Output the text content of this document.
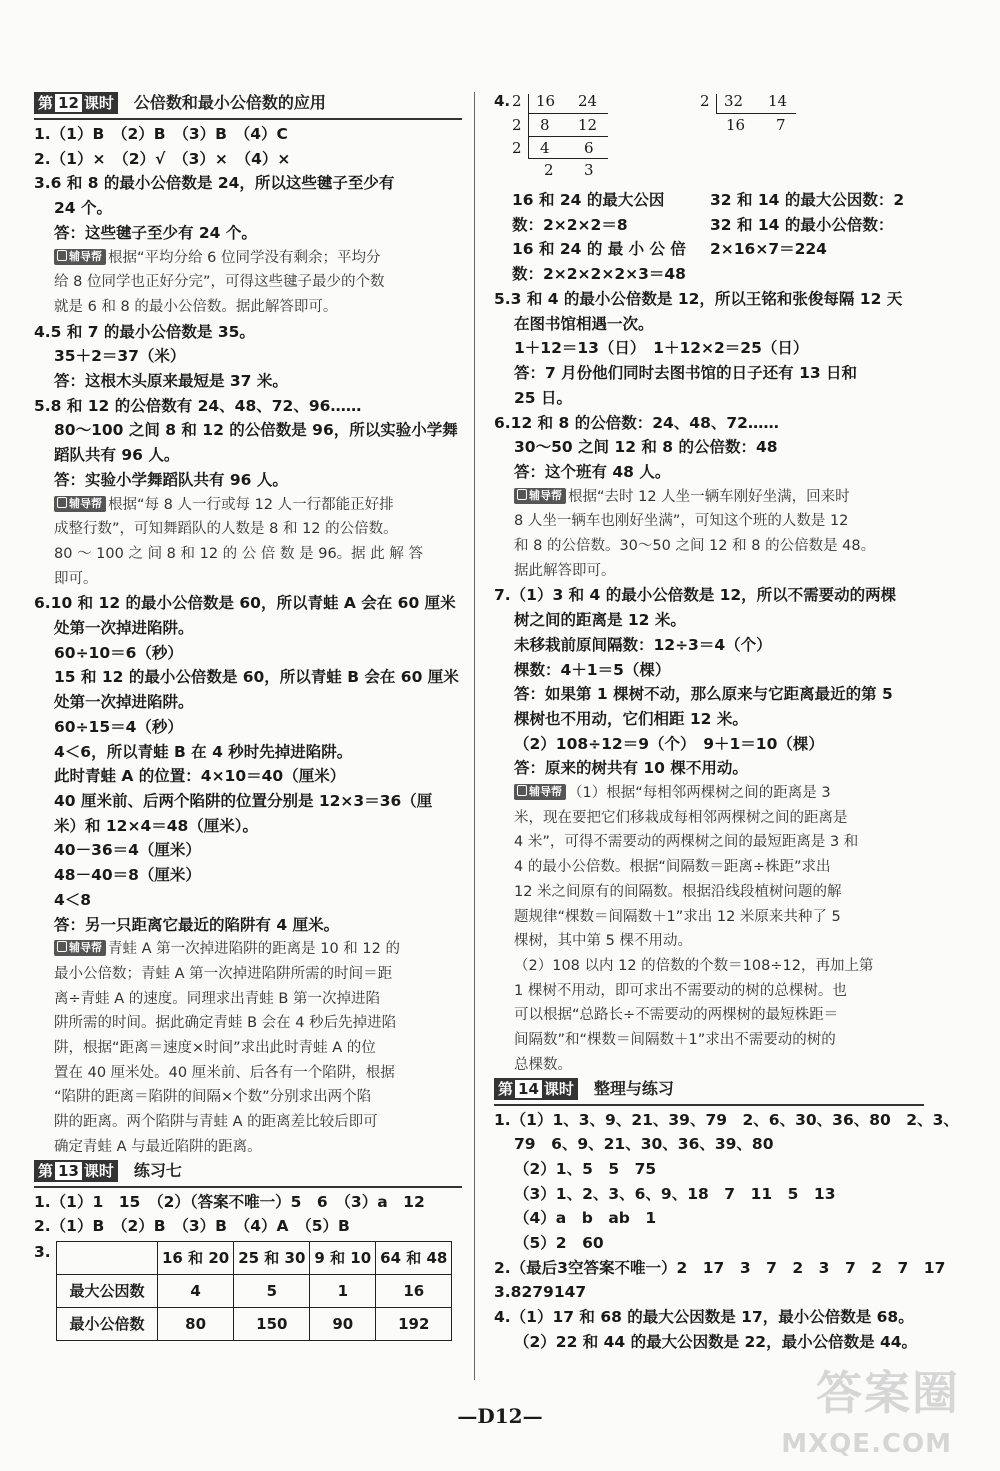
第 12 课时 公倍数和最小公倍数的应用
1.（1）B　（2）B　（3）B　（4）C
2.（1）×　（2）√　（3）×　（4）×
3.6 和 8 的最小公倍数是 24，所以这些毽子至少有
24 个。
答：这些毽子至少有 24 个。
辅导帮 根据“平均分给 6 位同学没有剩余；平均分
给 8 位同学也正好分完”，可得这些毽子最少的个数
就是 6 和 8 的最小公倍数。据此解答即可。
4.5 和 7 的最小公倍数是 35。
35＋2＝37（米）
答：这根木头原来最短是 37 米。
5.8 和 12 的公倍数有 24、48、72、96……
80～100 之间 8 和 12 的公倍数是 96，所以实验小学舞
蹈队共有 96 人。
答：实验小学舞蹈队共有 96 人。
辅导帮 根据“每 8 人一行或每 12 人一行都能正好排
成整行数”，可知舞蹈队的人数是 8 和 12 的公倍数。
80 ～ 100 之 间 8 和 12 的 公 倍 数 是 96。据 此 解 答
即可。
6.10 和 12 的最小公倍数是 60，所以青蛙 A 会在 60 厘米
处第一次掉进陷阱。
60÷10＝6（秒）
15 和 12 的最小公倍数是 60，所以青蛙 B 会在 60 厘米
处第一次掉进陷阱。
60÷15＝4（秒）
4＜6，所以青蛙 B 在 4 秒时先掉进陷阱。
此时青蛙 A 的位置：4×10＝40（厘米）
40 厘米前、后两个陷阱的位置分别是 12×3＝36（厘
米）和 12×4＝48（厘米）。
40－36＝4（厘米）
48－40＝8（厘米）
4＜8
答：另一只距离它最近的陷阱有 4 厘米。
辅导帮 青蛙 A 第一次掉进陷阱的距离是 10 和 12 的
最小公倍数；青蛙 A 第一次掉进陷阱所需的时间＝距
离÷青蛙 A 的速度。同理求出青蛙 B 第一次掉进陷
阱所需的时间。据此确定青蛙 B 会在 4 秒后先掉进陷
阱，根据“距离＝速度×时间”求出此时青蛙 A 的位
置在 40 厘米处。40 厘米前、后各有一个陷阱，根据
“陷阱的距离＝陷阱的间隔×个数”分别求出两个陷
阱的距离。两个陷阱与青蛙 A 的距离差比较后即可
确定青蛙 A 与最近陷阱的距离。
第 13 课时 练习七
1.（1）1　15　（2）（答案不唯一）5　6　（3）a　12
2.（1）B　（2）B　（3）B　（4）A　（5）B
3.
		16 和 20	25 和 30	9 和 10	64 和 48
最大公因数	4	5	1	16
最小公倍数	80	150	90	192
4. 2
2
2
16 24
8 12
4 6
2 3
2 32 14
16 7
16 和 24 的最大公因	32 和 14 的最大公因数：2
数：2×2×2＝8	32 和 14 的最小公倍数：
16 和 24 的 最 小 公 倍 2×16×7＝224
数：2×2×2×2×3＝48
5.3 和 4 的最小公倍数是 12，所以王铭和张俊每隔 12 天
在图书馆相遇一次。
1＋12＝13（日）　1＋12×2＝25（日）
答：7 月份他们同时去图书馆的日子还有 13 日和
25 日。
6.12 和 8 的公倍数：24、48、72……
30～50 之间 12 和 8 的公倍数：48
答：这个班有 48 人。
辅导帮 根据“去时 12 人坐一辆车刚好坐满，回来时
8 人坐一辆车也刚好坐满”，可知这个班的人数是 12
和 8 的公倍数。30～50 之间 12 和 8 的公倍数是 48。
据此解答即可。
7.（1）3 和 4 的最小公倍数是 12，所以不需要动的两棵
树之间的距离是 12 米。
未移栽前原间隔数：12÷3＝4（个）
棵数：4＋1＝5（棵）
答：如果第 1 棵树不动，那么原来与它距离最近的第 5
棵树也不用动，它们相距 12 米。
（2）108÷12＝9（个）　9＋1＝10（棵）
答：原来的树共有 10 棵不用动。
辅导帮 （1）根据“每相邻两棵树之间的距离是 3
米，现在要把它们移栽成每相邻两棵树之间的距离是
4 米”，可得不需要动的两棵树之间的最短距离是 3 和
4 的最小公倍数。根据“间隔数＝距离÷株距”求出
12 米之间原有的间隔数。根据沿线段植树问题的解
题规律“棵数＝间隔数＋1”求出 12 米原来共种了 5
棵树，其中第 5 棵不用动。
（2）108 以内 12 的倍数的个数＝108÷12，再加上第
1 棵树不用动，即可求出不需要动的树的总棵树。也
可以根据“总路长÷不需要动的两棵树的最短株距＝
间隔数”和“棵数＝间隔数＋1”求出不需要动的树的
总棵数。
第 14 课时 整理与练习
1.（1）1、3、9、21、39、79　2、6、30、36、80　2、3、
79　6、9、21、30、36、39、80
（2）1、5　5　75
（3）1、2、3、6、9、18　7　11　5　13
（4）a　b　ab　1
（5）2　60
2.（最后3空答案不唯一）2　17　3　7　2　3　7　2　7　17
3.8279147
4.（1）17 和 68 的最大公因数是 17，最小公倍数是 68。
（2）22 和 44 的最大公因数是 22，最小公倍数是 44。
—D12—	答案圈
MXQE.COM
